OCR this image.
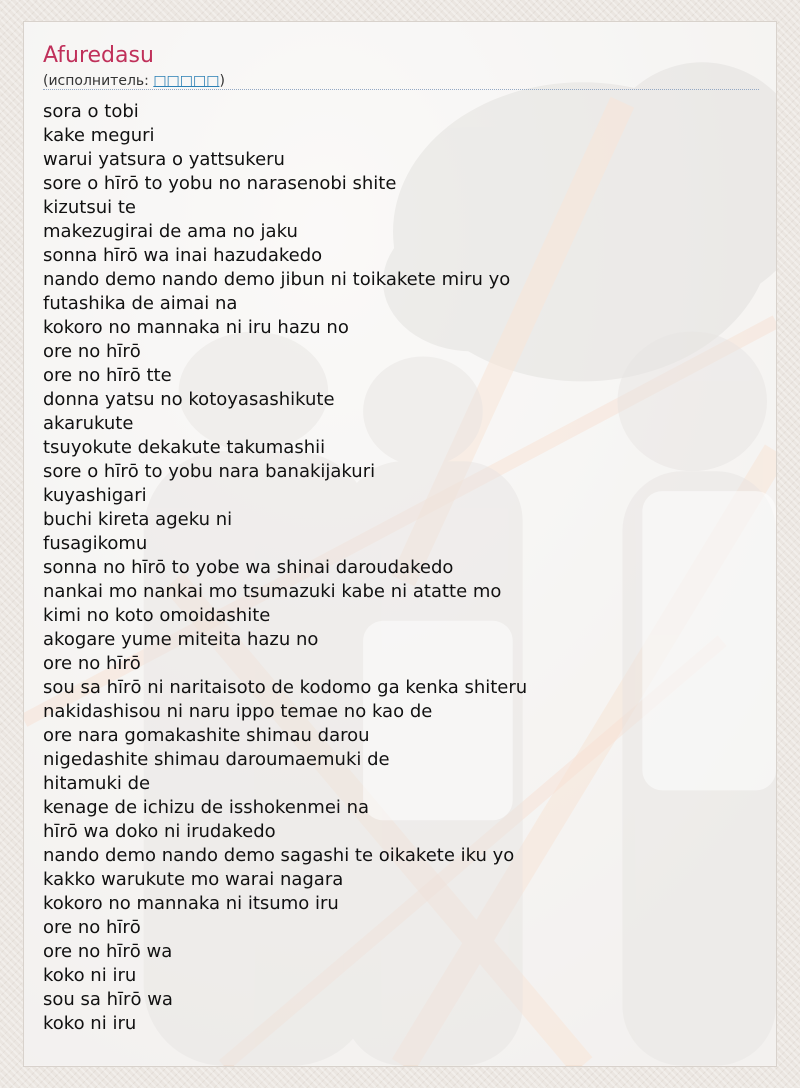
Afuredasu
(исполнитель: □□□□□)
sora o tobi
kake meguri
warui yatsura o yattsukeru
sore o hīrō to yobu no narasenobi shite
kizutsui te
makezugirai de ama no jaku
sonna hīrō wa inai hazudakedo
nando demo nando demo jibun ni toikakete miru yo
futashika de aimai na
kokoro no mannaka ni iru hazu no
ore no hīrō
ore no hīrō tte
donna yatsu no kotoyasashikute
akarukute
tsuyokute dekakute takumashii
sore o hīrō to yobu nara banakijakuri
kuyashigari
buchi kireta ageku ni
fusagikomu
sonna no hīrō to yobe wa shinai daroudakedo
nankai mo nankai mo tsumazuki kabe ni atatte mo
kimi no koto omoidashite
akogare yume miteita hazu no
ore no hīrō
sou sa hīrō ni naritaisoto de kodomo ga kenka shiteru
nakidashisou ni naru ippo temae no kao de
ore nara gomakashite shimau darou
nigedashite shimau daroumaemuki de
hitamuki de
kenage de ichizu de isshokenmei na
hīrō wa doko ni irudakedo
nando demo nando demo sagashi te oikakete iku yo
kakko warukute mo warai nagara
kokoro no mannaka ni itsumo iru
ore no hīrō
ore no hīrō wa
koko ni iru
sou sa hīrō wa
koko ni iru
